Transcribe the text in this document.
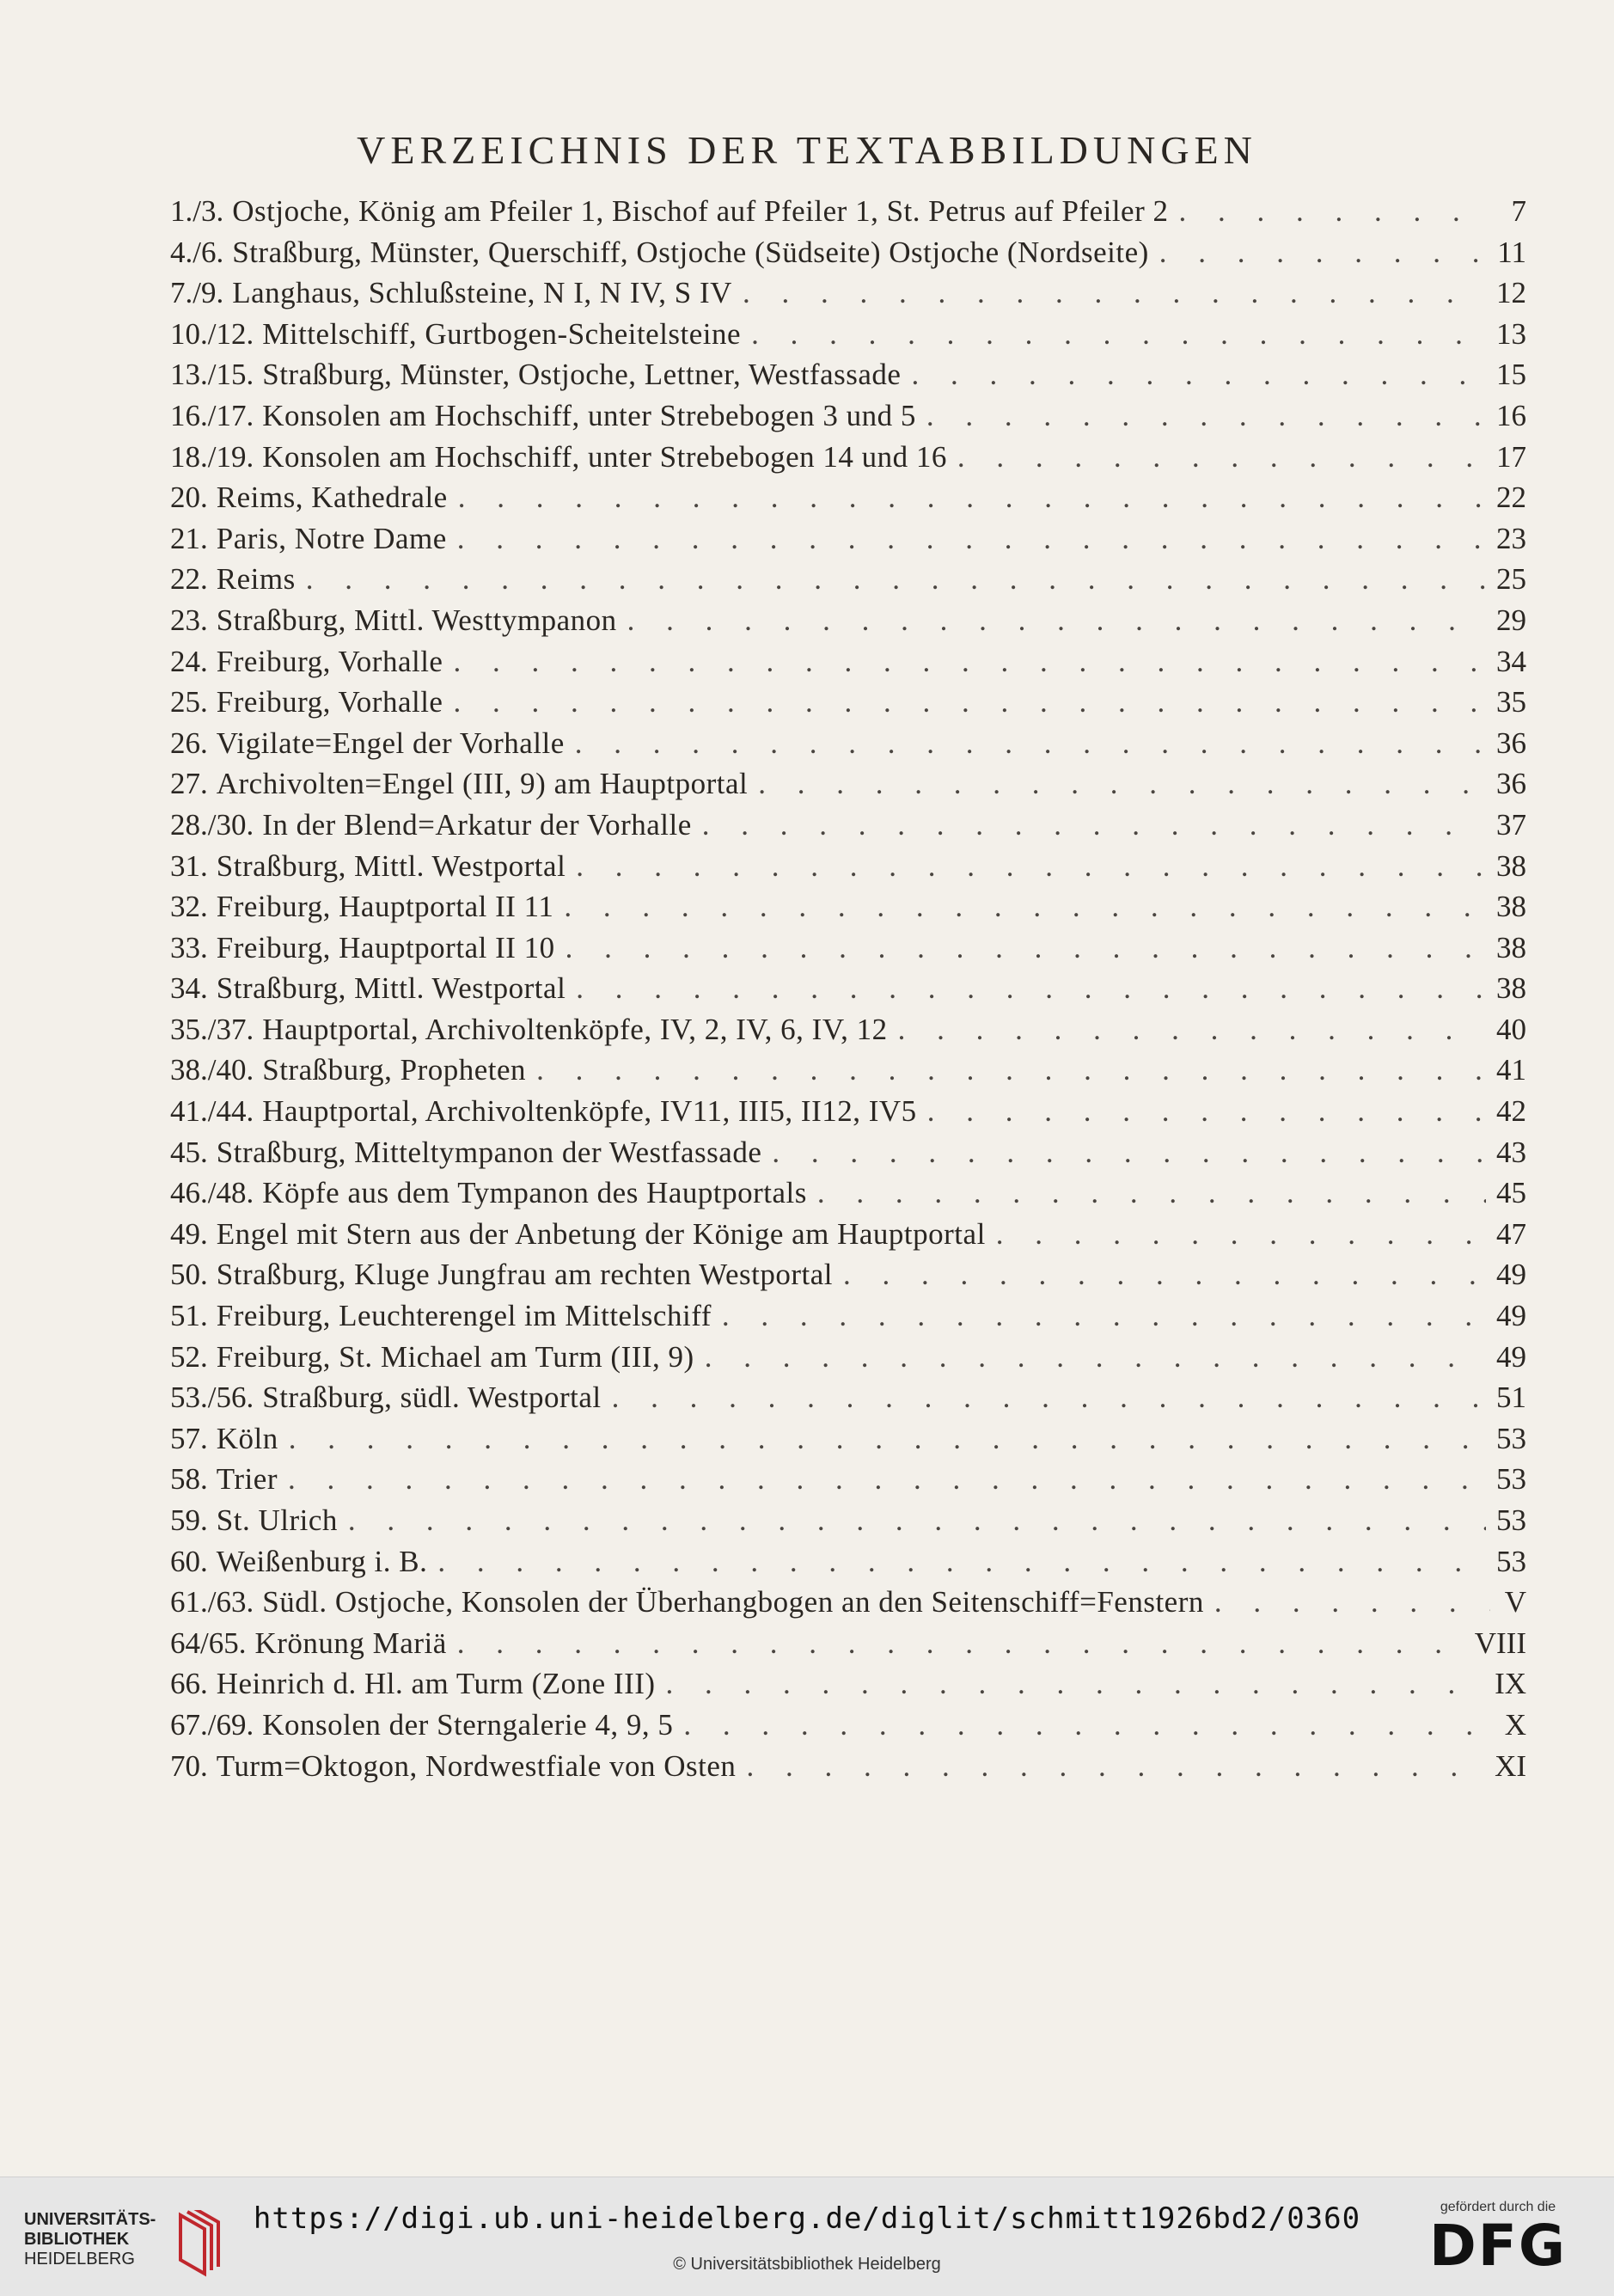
VERZEICHNIS DER TEXTABBILDUNGEN
1./3. Ostjoche, König am Pfeiler 1, Bischof auf Pfeiler 1, St. Petrus auf Pfeiler 2 . . .	7
4./6. Straßburg, Münster, Querschiff, Ostjoche (Südseite) Ostjoche (Nordseite) . . .	11
7./9. Langhaus, Schlußsteine, N I, N IV, S IV . . .	12
10./12. Mittelschiff, Gurtbogen-Scheitelsteine . . .	13
13./15. Straßburg, Münster, Ostjoche, Lettner, Westfassade . . .	15
16./17. Konsolen am Hochschiff, unter Strebebogen 3 und 5 . . .	16
18./19. Konsolen am Hochschiff, unter Strebebogen 14 und 16 . . .	17
20. Reims, Kathedrale . . .	22
21. Paris, Notre Dame . . .	23
22. Reims . . .	25
23. Straßburg, Mittl. Westtympanon . . .	29
24. Freiburg, Vorhalle . . .	34
25. Freiburg, Vorhalle . . .	35
26. Vigilate=Engel der Vorhalle . . .	36
27. Archivolten=Engel (III, 9) am Hauptportal . . .	36
28./30. In der Blend=Arkatur der Vorhalle . . .	37
31. Straßburg, Mittl. Westportal . . .	38
32. Freiburg, Hauptportal II 11 . . .	38
33. Freiburg, Hauptportal II 10 . . .	38
34. Straßburg, Mittl. Westportal . . .	38
35./37. Hauptportal, Archivoltenköpfe, IV, 2, IV, 6, IV, 12 . . .	40
38./40. Straßburg, Propheten . . .	41
41./44. Hauptportal, Archivoltenköpfe, IV11, III5, II12, IV5 . . .	42
45. Straßburg, Mitteltympanon der Westfassade . . .	43
46./48. Köpfe aus dem Tympanon des Hauptportals . . .	45
49. Engel mit Stern aus der Anbetung der Könige am Hauptportal . . .	47
50. Straßburg, Kluge Jungfrau am rechten Westportal . . .	49
51. Freiburg, Leuchterengel im Mittelschiff . . .	49
52. Freiburg, St. Michael am Turm (III, 9) . . .	49
53./56. Straßburg, südl. Westportal . . .	51
57. Köln . . .	53
58. Trier . . .	53
59. St. Ulrich . . .	53
60. Weißenburg i. B. . . .	53
61./63. Südl. Ostjoche, Konsolen der Überhangbogen an den Seitenschiff=Fenstern . . .	V
64/65. Krönung Mariä . . .	VIII
66. Heinrich d. Hl. am Turm (Zone III) . . .	IX
67./69. Konsolen der Sterngalerie 4, 9, 5 . . .	X
70. Turm=Oktogon, Nordwestfiale von Osten . . .	XI
UNIVERSITÄTS-
BIBLIOTHEK
HEIDELBERG
https://digi.ub.uni-heidelberg.de/diglit/schmitt1926bd2/0360
© Universitätsbibliothek Heidelberg
gefördert durch die
DFG
